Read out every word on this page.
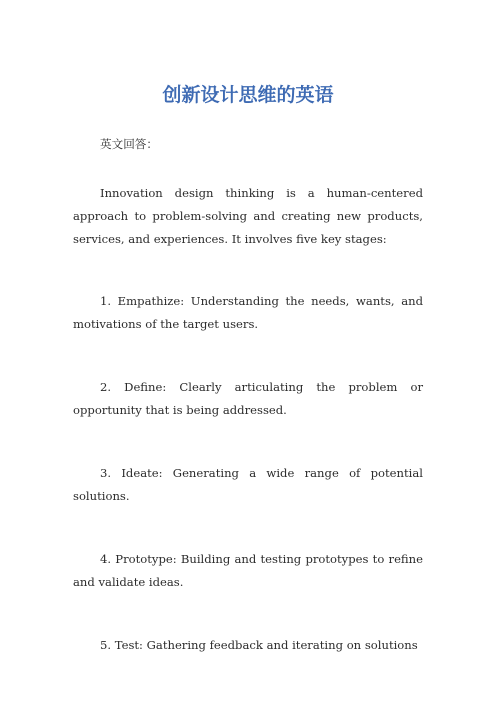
创新设计思维的英语

英文回答：

Innovation design thinking is a human-centered approach to problem-solving and creating new products, services, and experiences. It involves five key stages:

1. Empathize: Understanding the needs, wants, and motivations of the target users.

2. Define: Clearly articulating the problem or opportunity that is being addressed.

3. Ideate: Generating a wide range of potential solutions.

4. Prototype: Building and testing prototypes to refine and validate ideas.

5. Test: Gathering feedback and iterating on solutions
